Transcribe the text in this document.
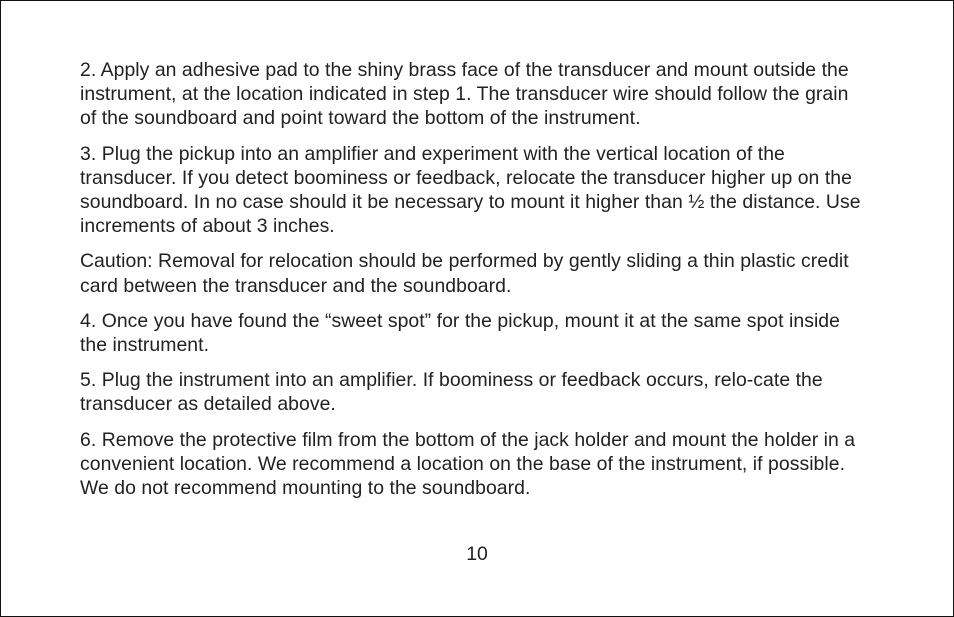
2. Apply an adhesive pad to the shiny brass face of the transducer and mount outside the instrument, at the location indicated in step 1. The transducer wire should follow the grain of the soundboard and point toward the bottom of the instrument.

3. Plug the pickup into an amplifier and experiment with the vertical location of the transducer. If you detect boominess or feedback, relocate the transducer higher up on the soundboard. In no case should it be necessary to mount it higher than ½ the distance. Use increments of about 3 inches.

Caution: Removal for relocation should be performed by gently sliding a thin plastic credit card between the transducer and the soundboard.

4. Once you have found the “sweet spot” for the pickup, mount it at the same spot inside the instrument.

5. Plug the instrument into an amplifier. If boominess or feedback occurs, relo-cate the transducer as detailed above.

6. Remove the protective film from the bottom of the jack holder and mount the holder in a convenient location. We recommend a location on the base of the instrument, if possible. We do not recommend mounting to the soundboard.

10
